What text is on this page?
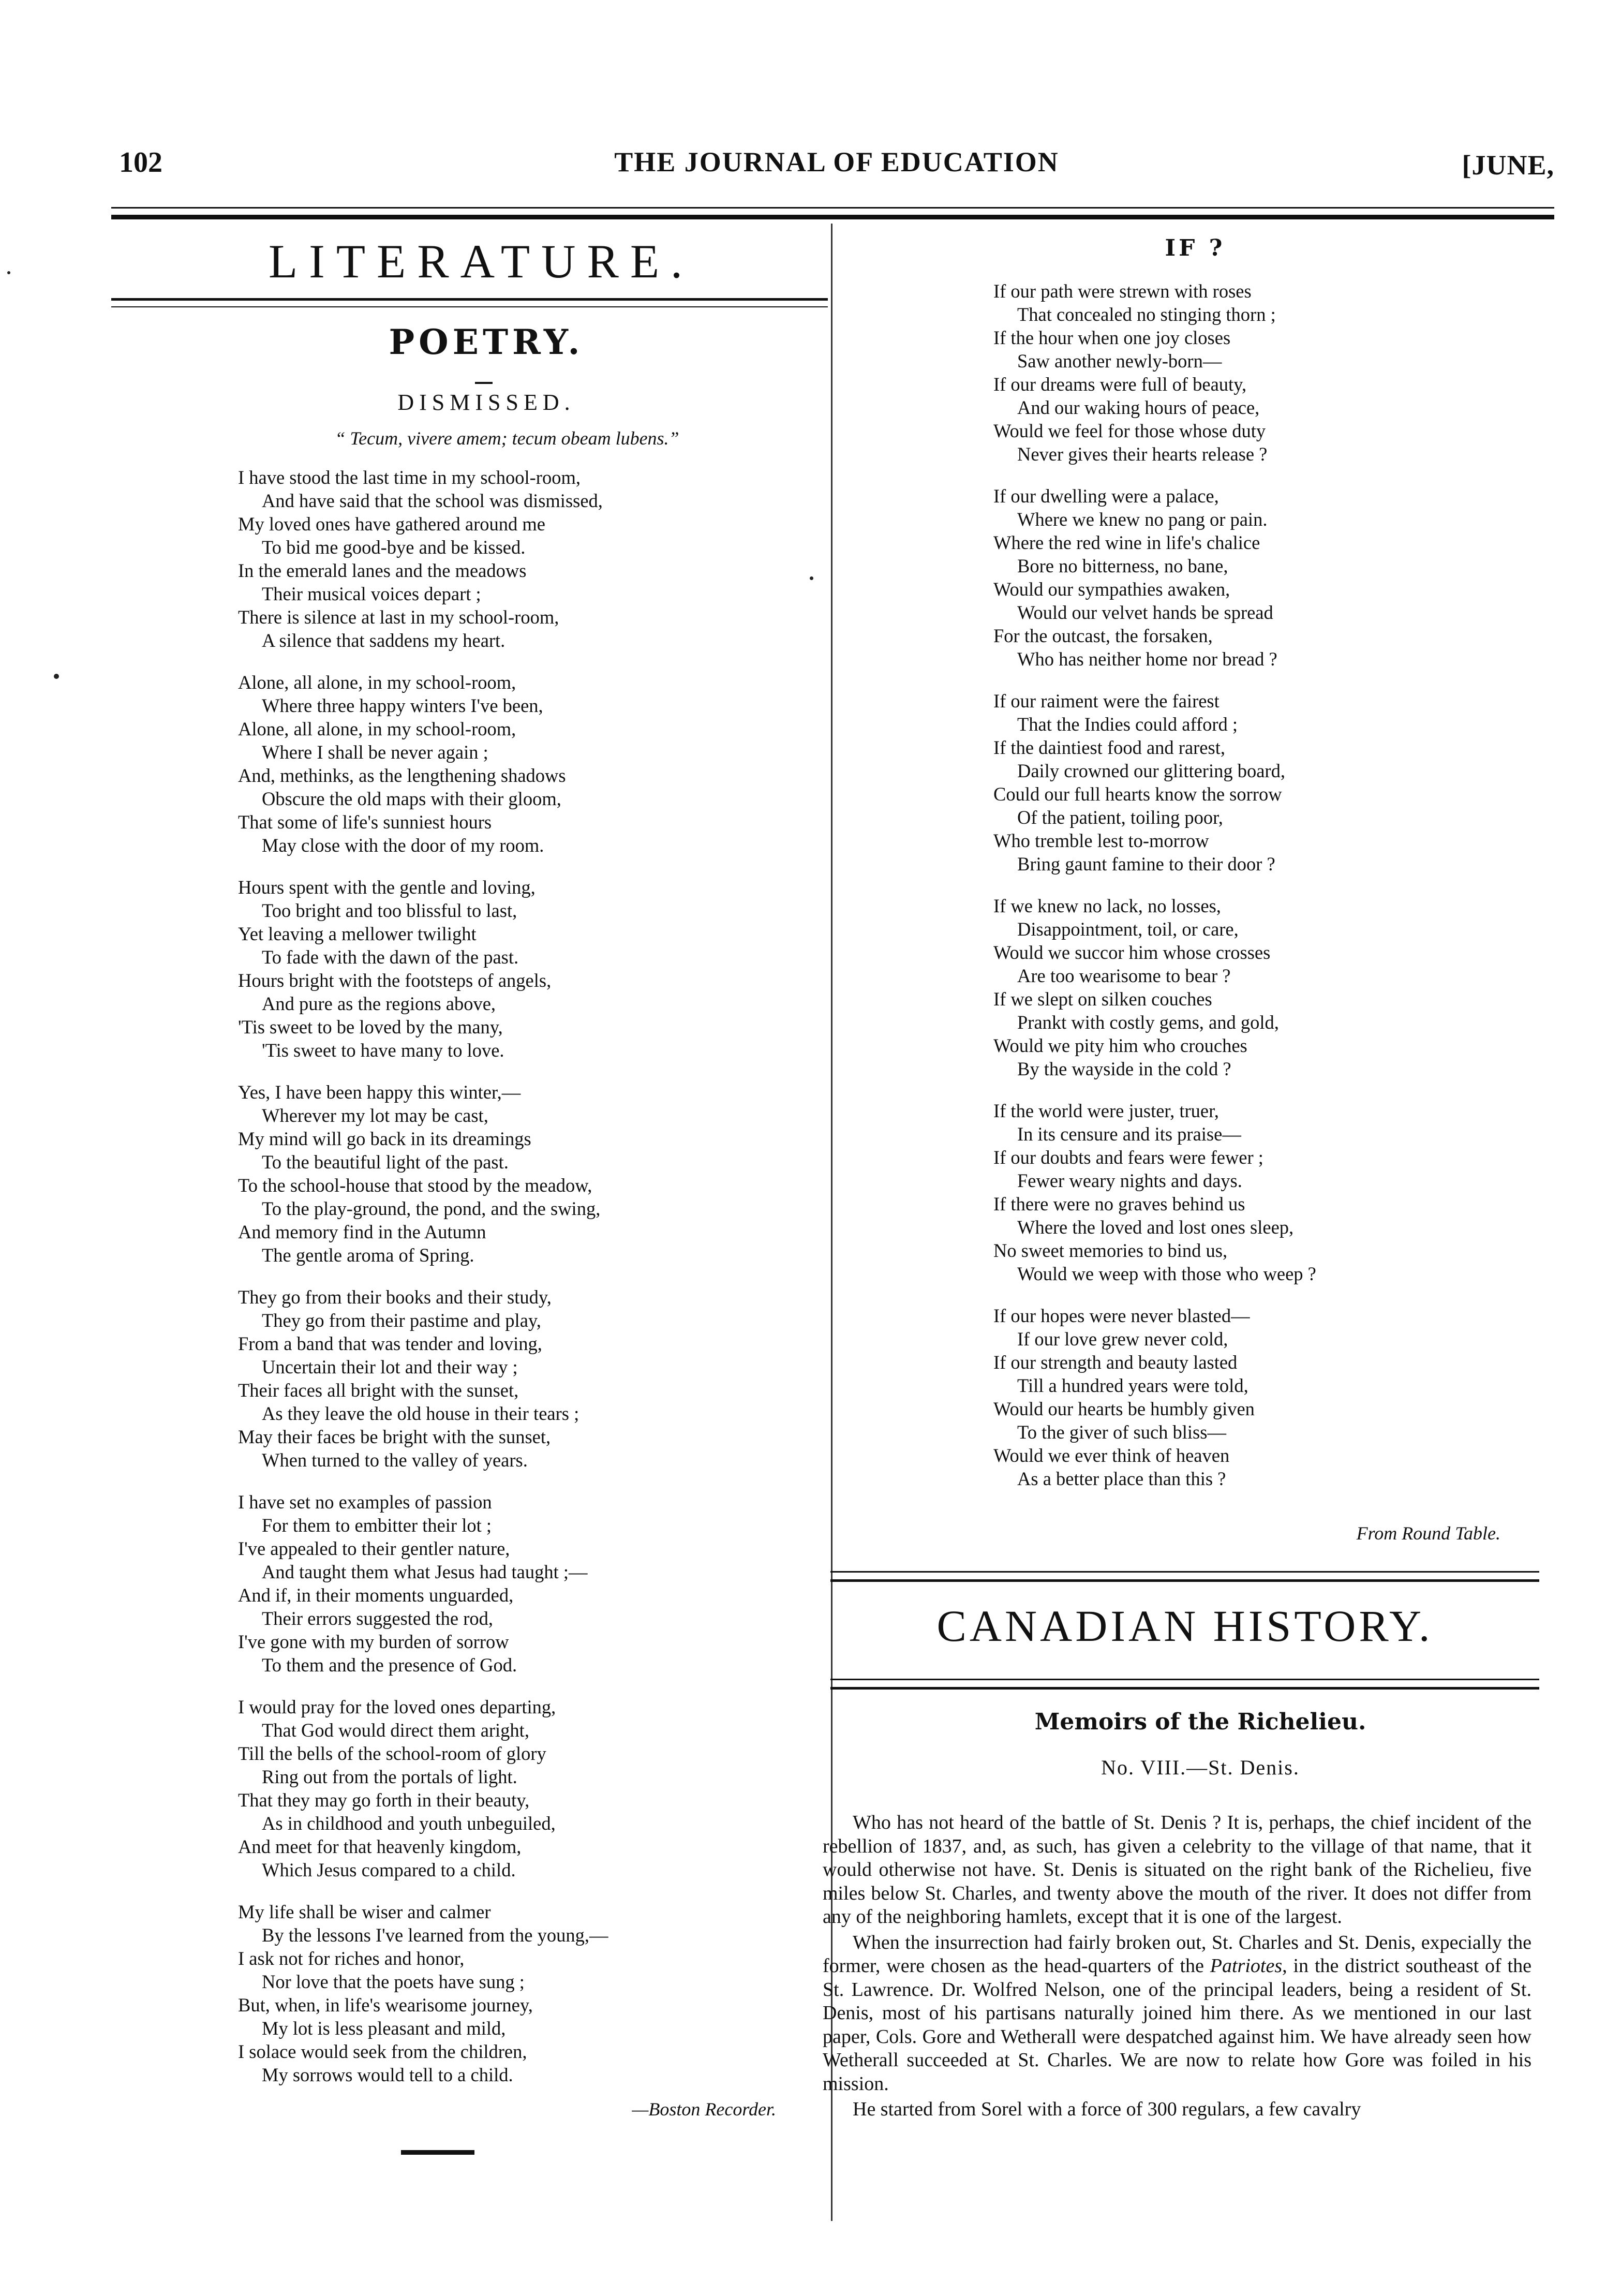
102	THE JOURNAL OF EDUCATION	[JUNE,
LITERATURE.
POETRY.
DISMISSED.
“ Tecum, vivere amem; tecum obeam lubens.”
I have stood the last time in my school-room,
And have said that the school was dismissed,
My loved ones have gathered around me
To bid me good-bye and be kissed.
In the emerald lanes and the meadows
Their musical voices depart ;
There is silence at last in my school-room,
A silence that saddens my heart.
Alone, all alone, in my school-room,
Where three happy winters I've been,
Alone, all alone, in my school-room,
Where I shall be never again ;
And, methinks, as the lengthening shadows
Obscure the old maps with their gloom,
That some of life's sunniest hours
May close with the door of my room.
Hours spent with the gentle and loving,
Too bright and too blissful to last,
Yet leaving a mellower twilight
To fade with the dawn of the past.
Hours bright with the footsteps of angels,
And pure as the regions above,
'Tis sweet to be loved by the many,
'Tis sweet to have many to love.
Yes, I have been happy this winter,—
Wherever my lot may be cast,
My mind will go back in its dreamings
To the beautiful light of the past.
To the school-house that stood by the meadow,
To the play-ground, the pond, and the swing,
And memory find in the Autumn
The gentle aroma of Spring.
They go from their books and their study,
They go from their pastime and play,
From a band that was tender and loving,
Uncertain their lot and their way ;
Their faces all bright with the sunset,
As they leave the old house in their tears ;
May their faces be bright with the sunset,
When turned to the valley of years.
I have set no examples of passion
For them to embitter their lot ;
I've appealed to their gentler nature,
And taught them what Jesus had taught ;—
And if, in their moments unguarded,
Their errors suggested the rod,
I've gone with my burden of sorrow
To them and the presence of God.
I would pray for the loved ones departing,
That God would direct them aright,
Till the bells of the school-room of glory
Ring out from the portals of light.
That they may go forth in their beauty,
As in childhood and youth unbeguiled,
And meet for that heavenly kingdom,
Which Jesus compared to a child.
My life shall be wiser and calmer
By the lessons I've learned from the young,—
I ask not for riches and honor,
Nor love that the poets have sung ;
But, when, in life's wearisome journey,
My lot is less pleasant and mild,
I solace would seek from the children,
My sorrows would tell to a child.
—Boston Recorder.
▬▬▬▬▬
IF ?
If our path were strewn with roses
That concealed no stinging thorn ;
If the hour when one joy closes
Saw another newly-born—
If our dreams were full of beauty,
And our waking hours of peace,
Would we feel for those whose duty
Never gives their hearts release ?
If our dwelling were a palace,
Where we knew no pang or pain.
Where the red wine in life's chalice
Bore no bitterness, no bane,
Would our sympathies awaken,
Would our velvet hands be spread
For the outcast, the forsaken,
Who has neither home nor bread ?
If our raiment were the fairest
That the Indies could afford ;
If the daintiest food and rarest,
Daily crowned our glittering board,
Could our full hearts know the sorrow
Of the patient, toiling poor,
Who tremble lest to-morrow
Bring gaunt famine to their door ?
If we knew no lack, no losses,
Disappointment, toil, or care,
Would we succor him whose crosses
Are too wearisome to bear ?
If we slept on silken couches
Prankt with costly gems, and gold,
Would we pity him who crouches
By the wayside in the cold ?
If the world were juster, truer,
In its censure and its praise—
If our doubts and fears were fewer ;
Fewer weary nights and days.
If there were no graves behind us
Where the loved and lost ones sleep,
No sweet memories to bind us,
Would we weep with those who weep ?
If our hopes were never blasted—
If our love grew never cold,
If our strength and beauty lasted
Till a hundred years were told,
Would our hearts be humbly given
To the giver of such bliss—
Would we ever think of heaven
As a better place than this ?
From Round Table.
CANADIAN HISTORY.
Memoirs of the Richelieu.
No. VIII.—St. Denis.

Who has not heard of the battle of St. Denis ? It is, perhaps, the chief incident of the rebellion of 1837, and, as such, has given a celebrity to the village of that name, that it would otherwise not have. St. Denis is situated on the right bank of the Richelieu, five miles below St. Charles, and twenty above the mouth of the river. It does not differ from any of the neighboring hamlets, except that it is one of the largest.

When the insurrection had fairly broken out, St. Charles and St. Denis, expecially the former, were chosen as the head-quarters of the Patriotes, in the district southeast of the St. Lawrence. Dr. Wolfred Nelson, one of the principal leaders, being a resident of St. Denis, most of his partisans naturally joined him there. As we mentioned in our last paper, Cols. Gore and Wetherall were despatched against him. We have already seen how Wetherall succeeded at St. Charles. We are now to relate how Gore was foiled in his mission.

He started from Sorel with a force of 300 regulars, a few cavalry
